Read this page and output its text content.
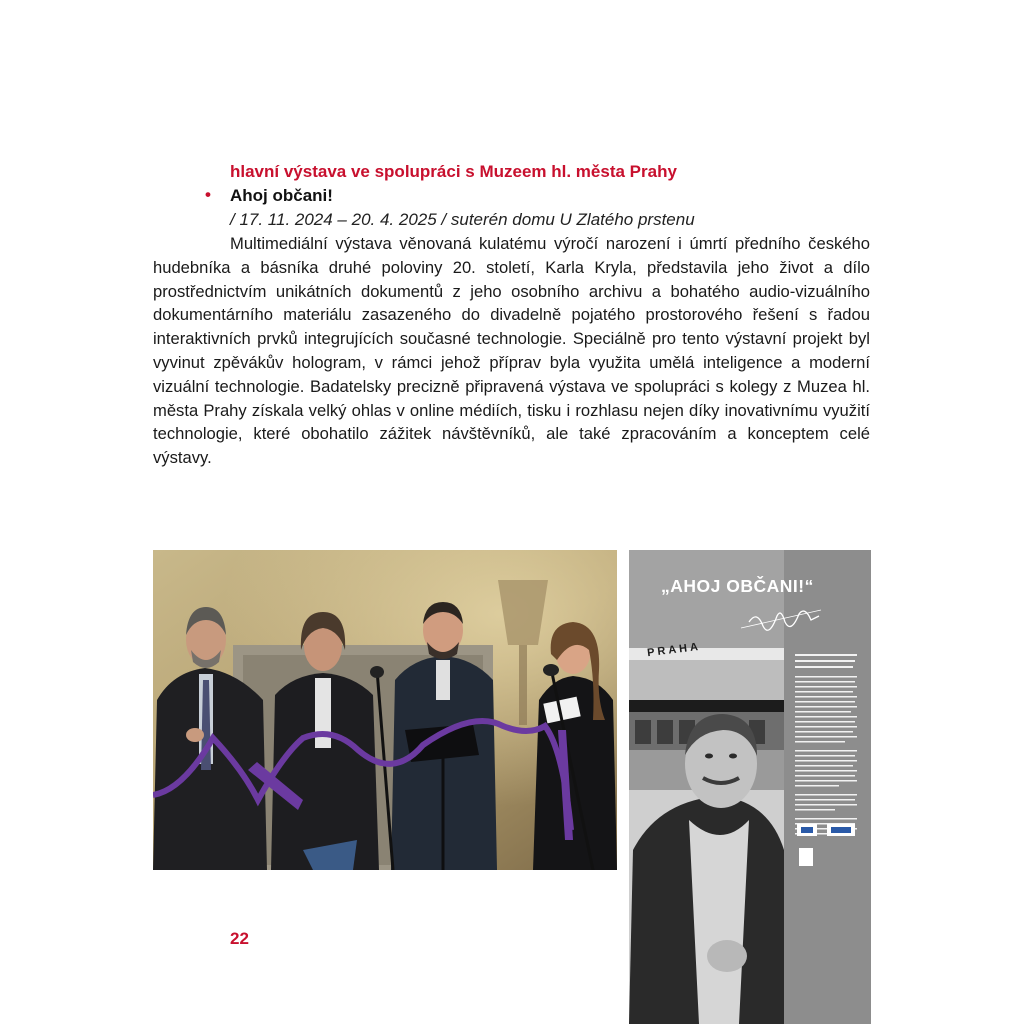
hlavní výstava ve spolupráci s Muzeem hl. města Prahy
•	Ahoj občani!
/ 17. 11. 2024 – 20. 4. 2025 / suterén domu U Zlatého prstenu

Multimediální výstava věnovaná kulatému výročí narození i úmrtí předního českého hudebníka a básníka druhé poloviny 20. století, Karla Kryla, představila jeho život a dílo prostřednictvím unikátních dokumentů z jeho osobního archivu a bohatého audio-vizuálního dokumentárního materiálu zasazeného do divadelně pojatého prostorového řešení s řadou interaktivních prvků integrujících současné technologie. Speciálně pro tento výstavní projekt byl vyvinut zpěvákův hologram, v rámci jehož příprav byla využita umělá inteligence a moderní vizuální technologie. Badatelsky precizně připravená výstava ve spolupráci s kolegy z Muzea hl. města Prahy získala velký ohlas v online médiích, tisku i rozhlasu nejen díky inovativnímu využití technologie, které obohatilo zážitek návštěvníků, ale také zpracováním a konceptem celé výstavy.

„AHOJ OBČANI!“
PRAHA
22
